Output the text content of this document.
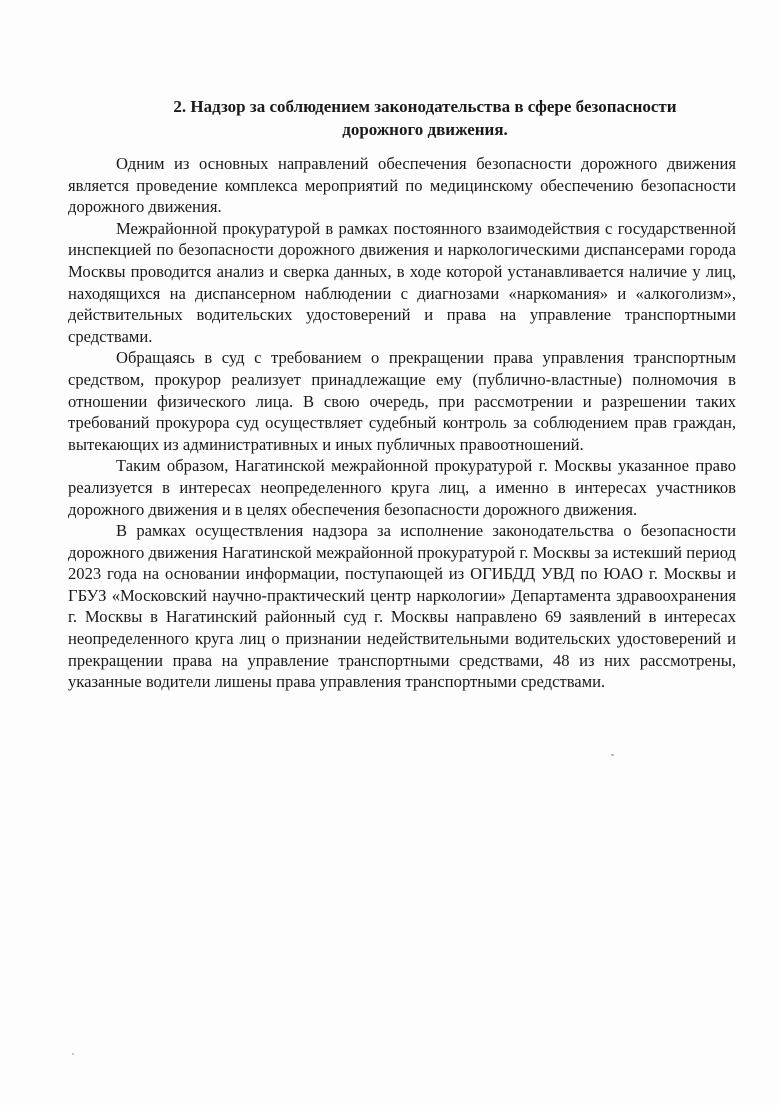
2. Надзор за соблюдением законодательства в сфере безопасности
дорожного движения.

Одним из основных направлений обеспечения безопасности дорожного движения является проведение комплекса мероприятий по медицинскому обеспечению безопасности дорожного движения.

Межрайонной прокуратурой в рамках постоянного взаимодействия с государственной инспекцией по безопасности дорожного движения и наркологическими диспансерами города Москвы проводится анализ и сверка данных, в ходе которой устанавливается наличие у лиц, находящихся на диспансерном наблюдении с диагнозами «наркомания» и «алкоголизм», действительных водительских удостоверений и права на управление транспортными средствами.

Обращаясь в суд с требованием о прекращении права управления транспортным средством, прокурор реализует принадлежащие ему (публично-властные) полномочия в отношении физического лица. В свою очередь, при рассмотрении и разрешении таких требований прокурора суд осуществляет судебный контроль за соблюдением прав граждан, вытекающих из административных и иных публичных правоотношений.

Таким образом, Нагатинской межрайонной прокуратурой г. Москвы указанное право реализуется в интересах неопределенного круга лиц, а именно в интересах участников дорожного движения и в целях обеспечения безопасности дорожного движения.

В рамках осуществления надзора за исполнение законодательства о безопасности дорожного движения Нагатинской межрайонной прокуратурой г. Москвы за истекший период 2023 года на основании информации, поступающей из ОГИБДД УВД по ЮАО г. Москвы и ГБУЗ «Московский научно-практический центр наркологии» Департамента здравоохранения г. Москвы в Нагатинский районный суд г. Москвы направлено 69 заявлений в интересах неопределенного круга лиц о признании недействительными водительских удостоверений и прекращении права на управление транспортными средствами, 48 из них рассмотрены, указанные водители лишены права управления транспортными средствами.
